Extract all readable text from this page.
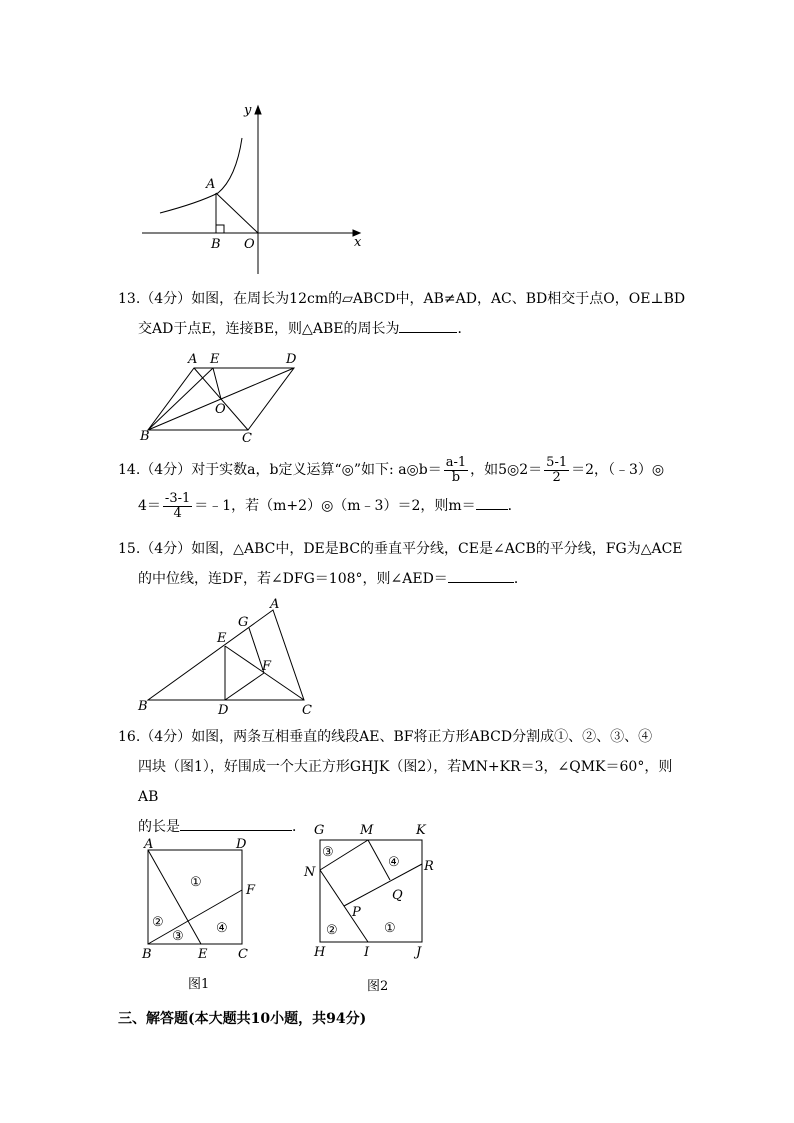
y
x
A
B O
13.（4分）如图，在周长为12cm的▱ABCD中，AB≠AD，AC、BD相交于点O，OE⊥BD
交AD于点E，连接BE，则△ABE的周长为	．
A E	D
O
B	C
14.（4分）对于实数a，b定义运算“◎”如下: a◎b＝ $\frac{a-1}{b}$ ，如5◎2＝ $\frac{5-1}{2} =2$，（﹣3）◎
$4= \frac{-3-1}{4}$ ＝﹣1，若（m+2）◎（m﹣3）＝2，则m＝ ．
15.（4分）如图，△ABC中，DE是BC的垂直平分线，CE是∠ACB的平分线，FG为△ACE
的中位线，连DF，若∠DFG＝108°，则∠AED＝	．
A
G
E
F
B	D	C
16.（4分）如图，两条互相垂直的线段AE、BF将正方形ABCD分割成①、②、③、④
四块（图1），好围成一个大正方形GHJK（图2），若MN+KR＝3，∠QMK＝60°，则AB
的长是	．
A	D
F
B	E C
①
②
③
④
图1
G	M	K
N	R
Q
P
H	I	J
①
②
③
④
图2
三、解答题(本大题共10小题，共94分)
